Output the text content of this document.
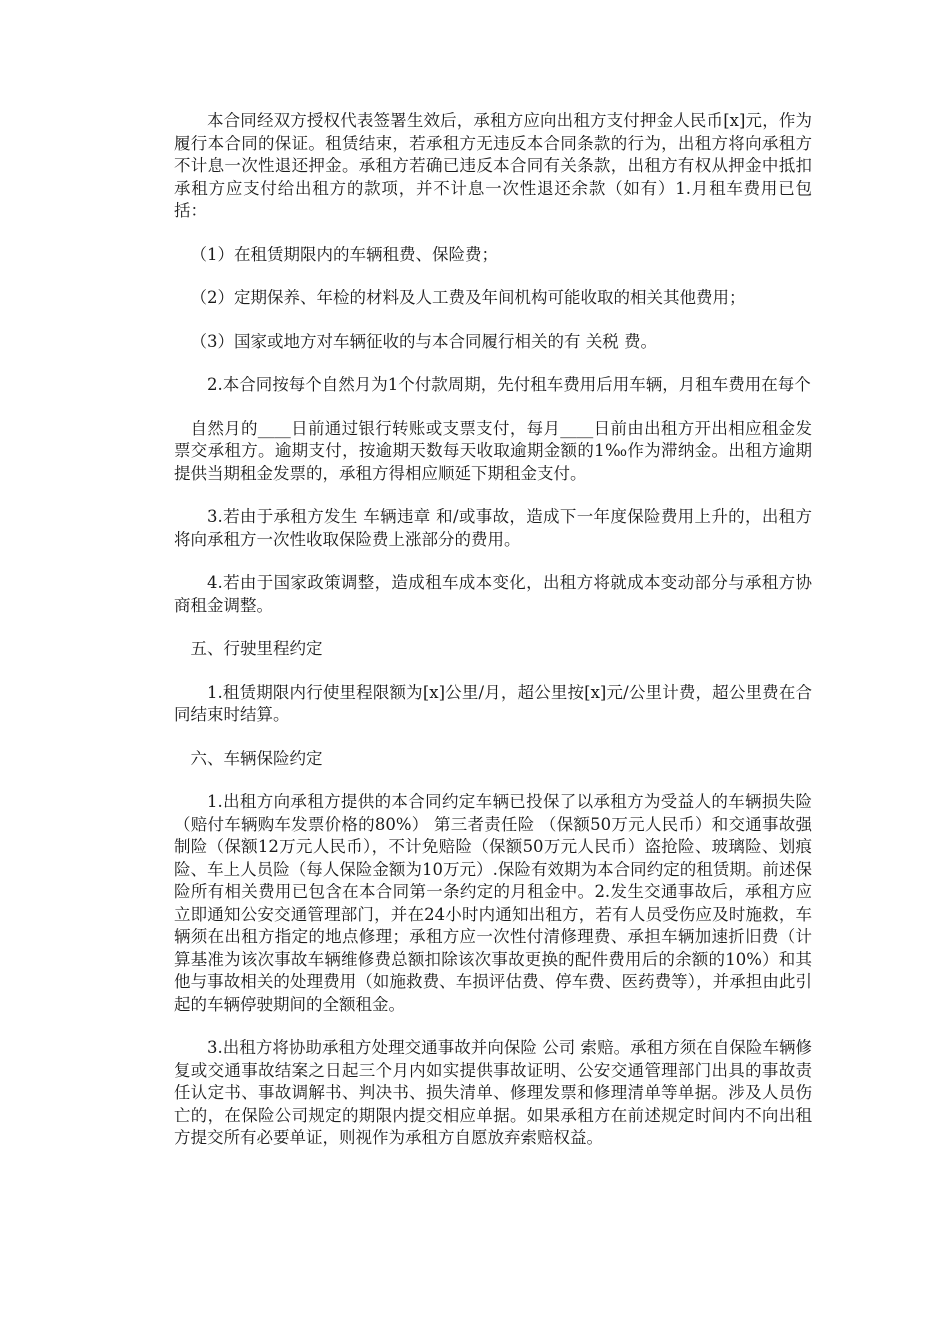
本合同经双方授权代表签署生效后，承租方应向出租方支付押金人民币[x]元，作为履行本合同的保证。租赁结束，若承租方无违反本合同条款的行为，出租方将向承租方不计息一次性退还押金。承租方若确已违反本合同有关条款，出租方有权从押金中抵扣承租方应支付给出租方的款项，并不计息一次性退还余款（如有）1.月租车费用已包括：

（1）在租赁期限内的车辆租费、保险费；

（2）定期保养、年检的材料及人工费及年间机构可能收取的相关其他费用；

（3）国家或地方对车辆征收的与本合同履行相关的有 关税 费。

2.本合同按每个自然月为1个付款周期，先付租车费用后用车辆，月租车费用在每个

自然月的____日前通过银行转账或支票支付，每月____日前由出租方开出相应租金发票交承租方。逾期支付，按逾期天数每天收取逾期金额的1‰作为滞纳金。出租方逾期提供当期租金发票的，承租方得相应顺延下期租金支付。

3.若由于承租方发生 车辆违章 和/或事故，造成下一年度保险费用上升的，出租方将向承租方一次性收取保险费上涨部分的费用。

4.若由于国家政策调整，造成租车成本变化，出租方将就成本变动部分与承租方协商租金调整。

五、行驶里程约定

1.租赁期限内行使里程限额为[x]公里/月，超公里按[x]元/公里计费，超公里费在合同结束时结算。

六、车辆保险约定

1.出租方向承租方提供的本合同约定车辆已投保了以承租方为受益人的车辆损失险（赔付车辆购车发票价格的80%） 第三者责任险 （保额50万元人民币）和交通事故强制险（保额12万元人民币），不计免赔险（保额50万元人民币）盗抢险、玻璃险、划痕险、车上人员险（每人保险金额为10万元）.保险有效期为本合同约定的租赁期。前述保险所有相关费用已包含在本合同第一条约定的月租金中。2.发生交通事故后，承租方应立即通知公安交通管理部门，并在24小时内通知出租方，若有人员受伤应及时施救，车辆须在出租方指定的地点修理；承租方应一次性付清修理费、承担车辆加速折旧费（计算基准为该次事故车辆维修费总额扣除该次事故更换的配件费用后的余额的10%）和其他与事故相关的处理费用（如施救费、车损评估费、停车费、医药费等），并承担由此引起的车辆停驶期间的全额租金。

3.出租方将协助承租方处理交通事故并向保险 公司 索赔。承租方须在自保险车辆修复或交通事故结案之日起三个月内如实提供事故证明、公安交通管理部门出具的事故责任认定书、事故调解书、判决书、损失清单、修理发票和修理清单等单据。涉及人员伤亡的，在保险公司规定的期限内提交相应单据。如果承租方在前述规定时间内不向出租方提交所有必要单证，则视作为承租方自愿放弃索赔权益。
